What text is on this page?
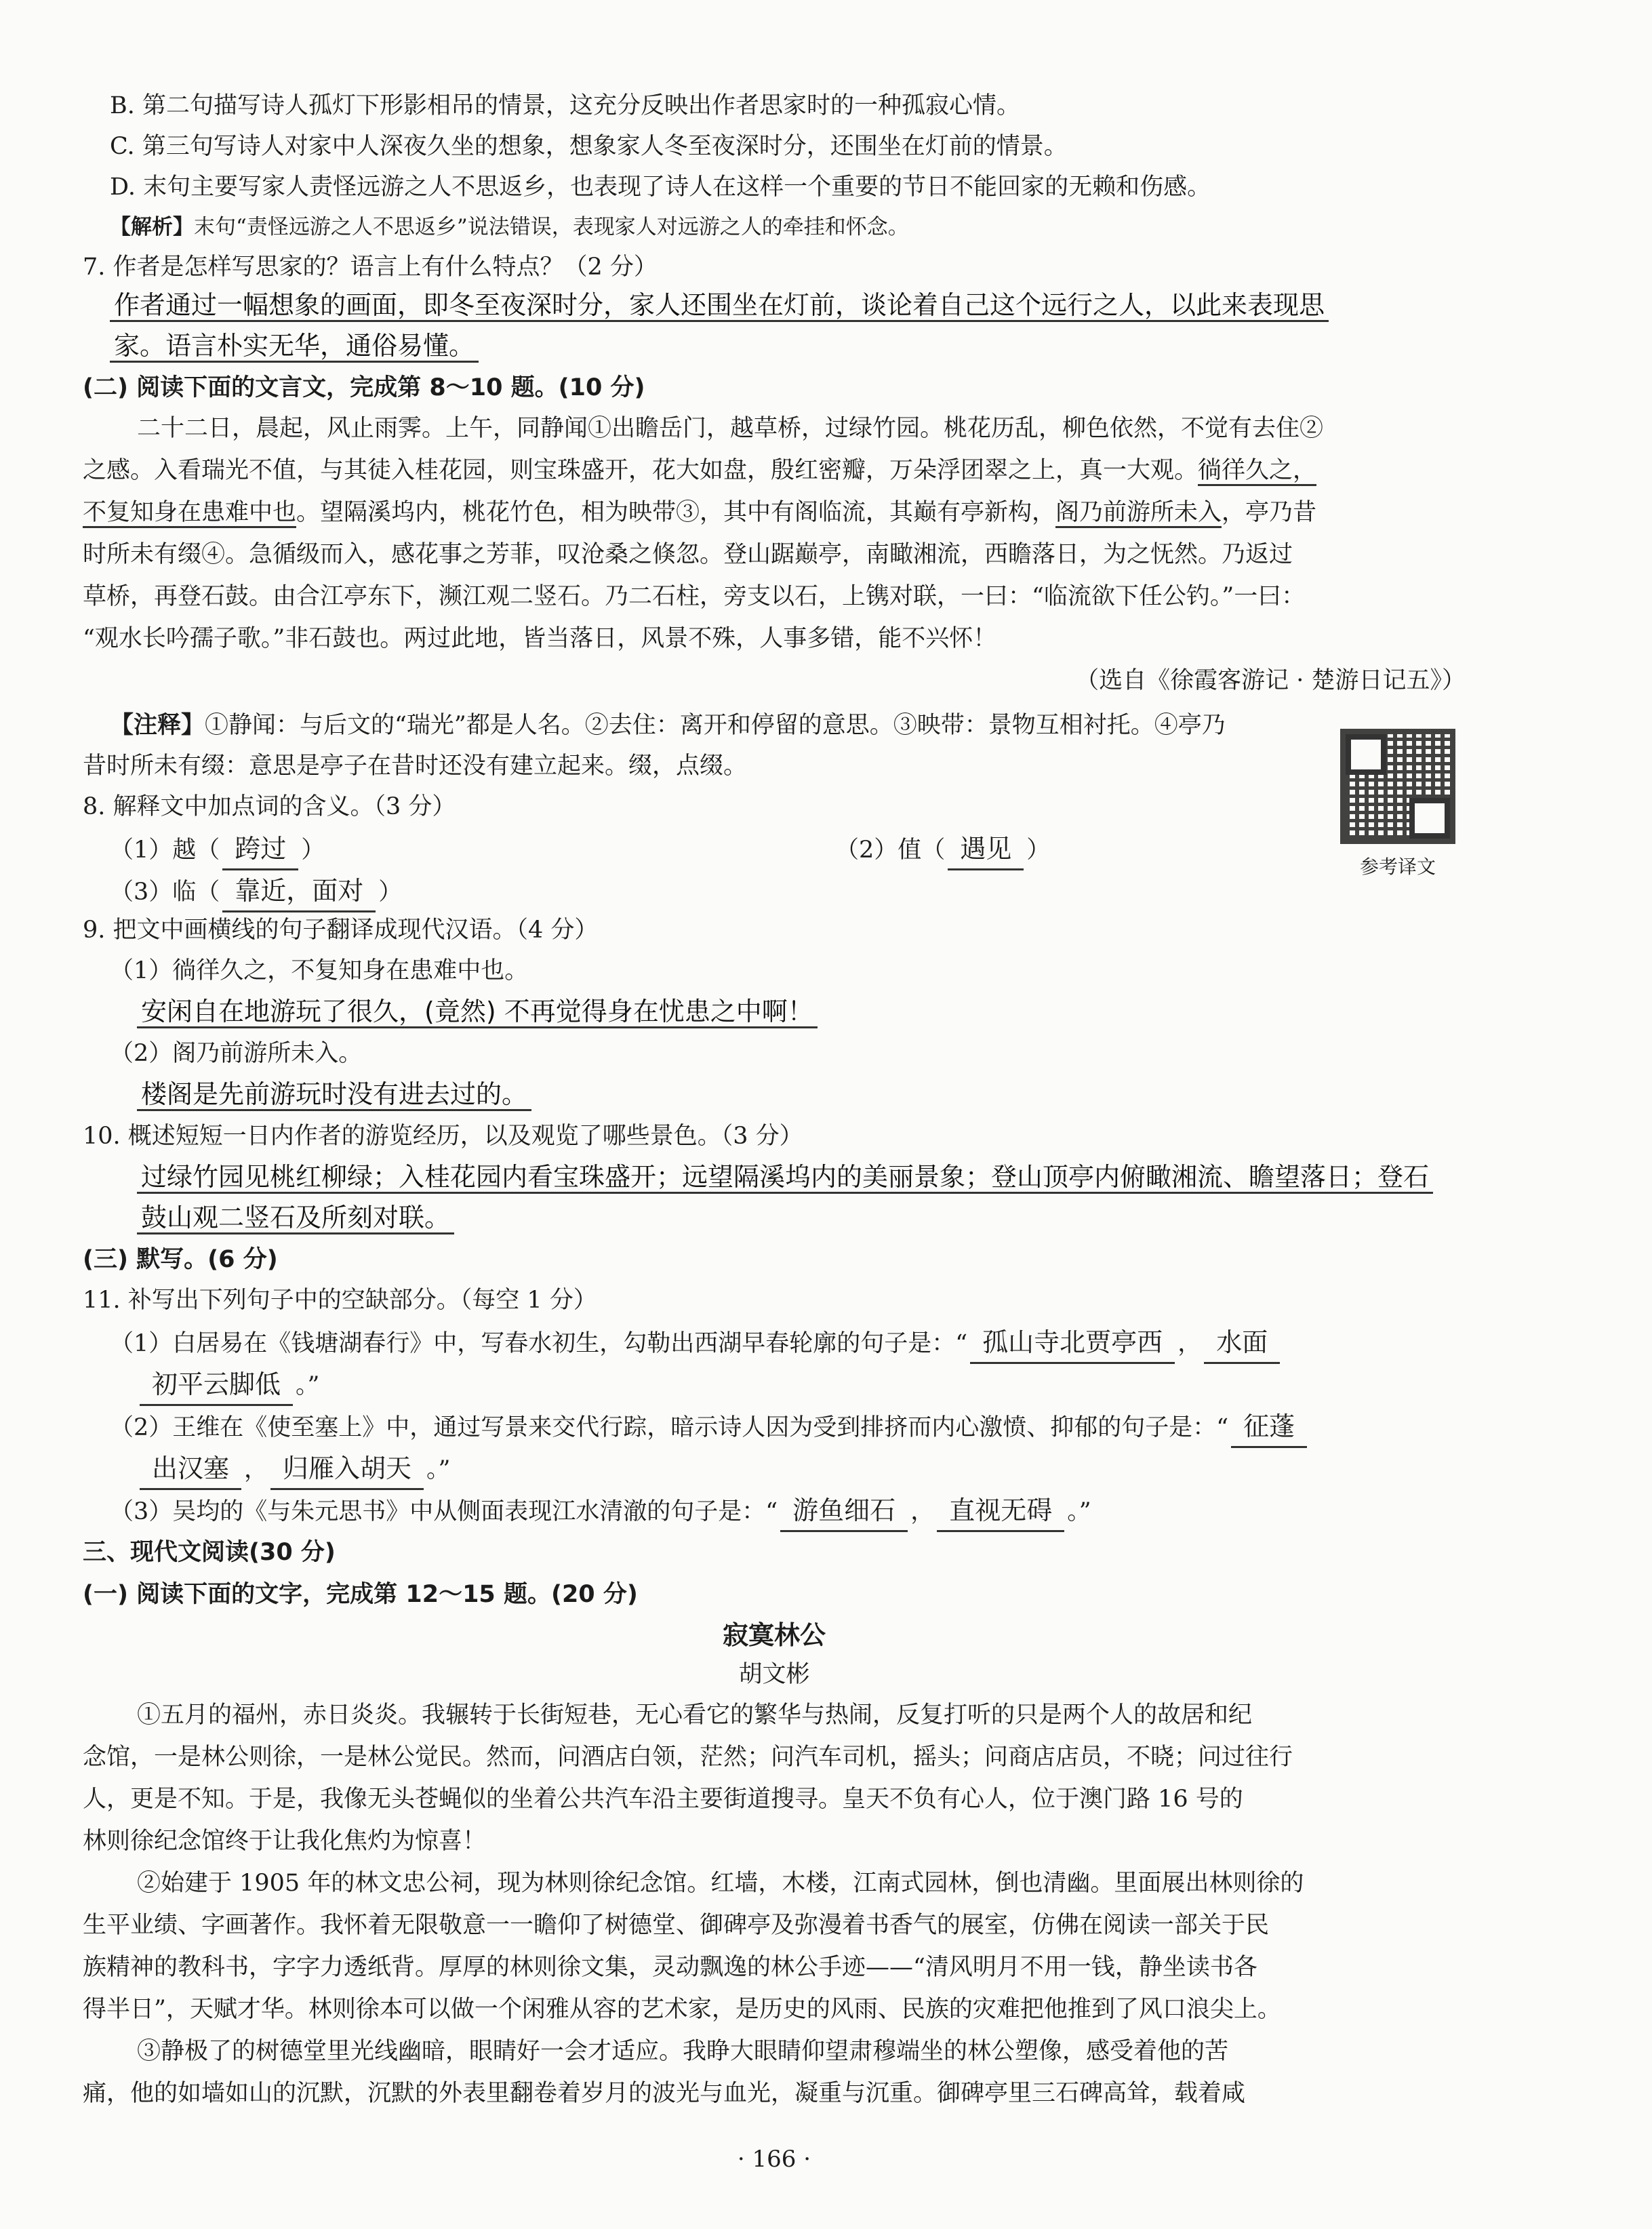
B. 第二句描写诗人孤灯下形影相吊的情景，这充分反映出作者思家时的一种孤寂心情。
C. 第三句写诗人对家中人深夜久坐的想象，想象家人冬至夜深时分，还围坐在灯前的情景。
D. 末句主要写家人责怪远游之人不思返乡，也表现了诗人在这样一个重要的节日不能回家的无赖和伤感。
【解析】末句“责怪远游之人不思返乡”说法错误，表现家人对远游之人的牵挂和怀念。
7. 作者是怎样写思家的？语言上有什么特点？（2 分）
作者通过一幅想象的画面，即冬至夜深时分，家人还围坐在灯前，谈论着自己这个远行之人，以此来表现思
家。语言朴实无华，通俗易懂。
(二) 阅读下面的文言文，完成第 8～10 题。(10 分)
二十二日，晨起，风止雨霁。上午，同静闻①出瞻岳门，越草桥，过绿竹园。桃花历乱，柳色依然，不觉有去住②
之感。入看瑞光不值，与其徒入桂花园，则宝珠盛开，花大如盘，殷红密瓣，万朵浮团翠之上，真一大观。徜徉久之，
不复知身在患难中也。望隔溪坞内，桃花竹色，相为映带③，其中有阁临流，其巅有亭新构，阁乃前游所未入，亭乃昔
时所未有缀④。急循级而入，感花事之芳菲，叹沧桑之倏忽。登山踞巅亭，南瞰湘流，西瞻落日，为之怃然。乃返过
草桥，再登石鼓。由合江亭东下，濒江观二竖石。乃二石柱，旁支以石，上镌对联，一曰：“临流欲下任公钓。”一曰：
“观水长吟孺子歌。”非石鼓也。两过此地，皆当落日，风景不殊，人事多错，能不兴怀！
（选自《徐霞客游记 · 楚游日记五》）
【注释】①静闻：与后文的“瑞光”都是人名。②去住：离开和停留的意思。③映带：景物互相衬托。④亭乃
昔时所未有缀：意思是亭子在昔时还没有建立起来。缀，点缀。
参考译文
8. 解释文中加点词的含义。（3 分）
（1）越（ 跨过 ）	（2）值（ 遇见 ）
（3）临（ 靠近，面对 ）
9. 把文中画横线的句子翻译成现代汉语。（4 分）
（1）徜徉久之，不复知身在患难中也。
安闲自在地游玩了很久，(竟然) 不再觉得身在忧患之中啊！
（2）阁乃前游所未入。
楼阁是先前游玩时没有进去过的。
10. 概述短短一日内作者的游览经历，以及观览了哪些景色。（3 分）
过绿竹园见桃红柳绿；入桂花园内看宝珠盛开；远望隔溪坞内的美丽景象；登山顶亭内俯瞰湘流、瞻望落日；登石
鼓山观二竖石及所刻对联。
(三) 默写。(6 分)
11. 补写出下列句子中的空缺部分。（每空 1 分）
（1）白居易在《钱塘湖春行》中，写春水初生，勾勒出西湖早春轮廓的句子是：“ 孤山寺北贾亭西 ， 水面
初平云脚低 。”
（2）王维在《使至塞上》中，通过写景来交代行踪，暗示诗人因为受到排挤而内心激愤、抑郁的句子是：“ 征蓬
出汉塞 ， 归雁入胡天 。”
（3）吴均的《与朱元思书》中从侧面表现江水清澈的句子是：“ 游鱼细石 ， 直视无碍 。”
三、现代文阅读(30 分)
(一) 阅读下面的文字，完成第 12～15 题。(20 分)
寂寞林公
胡文彬
①五月的福州，赤日炎炎。我辗转于长街短巷，无心看它的繁华与热闹，反复打听的只是两个人的故居和纪
念馆，一是林公则徐，一是林公觉民。然而，问酒店白领，茫然；问汽车司机，摇头；问商店店员，不晓；问过往行
人，更是不知。于是，我像无头苍蝇似的坐着公共汽车沿主要街道搜寻。皇天不负有心人，位于澳门路 16 号的
林则徐纪念馆终于让我化焦灼为惊喜！
②始建于 1905 年的林文忠公祠，现为林则徐纪念馆。红墙，木楼，江南式园林，倒也清幽。里面展出林则徐的
生平业绩、字画著作。我怀着无限敬意一一瞻仰了树德堂、御碑亭及弥漫着书香气的展室，仿佛在阅读一部关于民
族精神的教科书，字字力透纸背。厚厚的林则徐文集，灵动飘逸的林公手迹——“清风明月不用一钱，静坐读书各
得半日”，天赋才华。林则徐本可以做一个闲雅从容的艺术家，是历史的风雨、民族的灾难把他推到了风口浪尖上。
③静极了的树德堂里光线幽暗，眼睛好一会才适应。我睁大眼睛仰望肃穆端坐的林公塑像，感受着他的苦
痛，他的如墙如山的沉默，沉默的外表里翻卷着岁月的波光与血光，凝重与沉重。御碑亭里三石碑高耸，载着咸
· 166 ·
